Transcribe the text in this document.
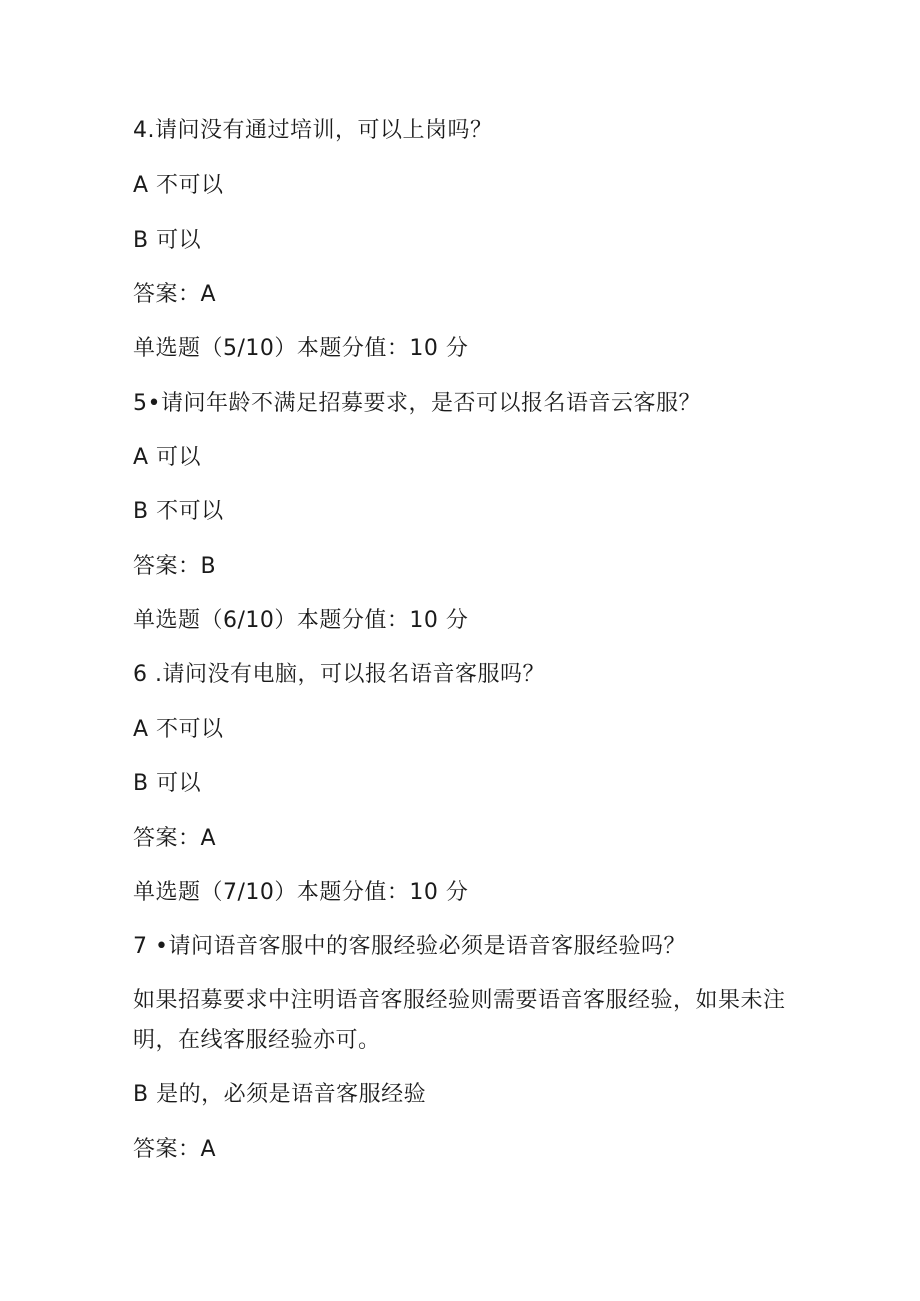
4.请问没有通过培训，可以上岗吗？
A 不可以
B 可以
答案：A
单选题（5/10）本题分值：10 分
5•请问年龄不满足招募要求，是否可以报名语音云客服？
A 可以
B 不可以
答案：B
单选题（6/10）本题分值：10 分
6 .请问没有电脑，可以报名语音客服吗？
A 不可以
B 可以
答案：A
单选题（7/10）本题分值：10 分
7 •请问语音客服中的客服经验必须是语音客服经验吗？
如果招募要求中注明语音客服经验则需要语音客服经验，如果未注明，在线客服经验亦可。
B 是的，必须是语音客服经验
答案：A
